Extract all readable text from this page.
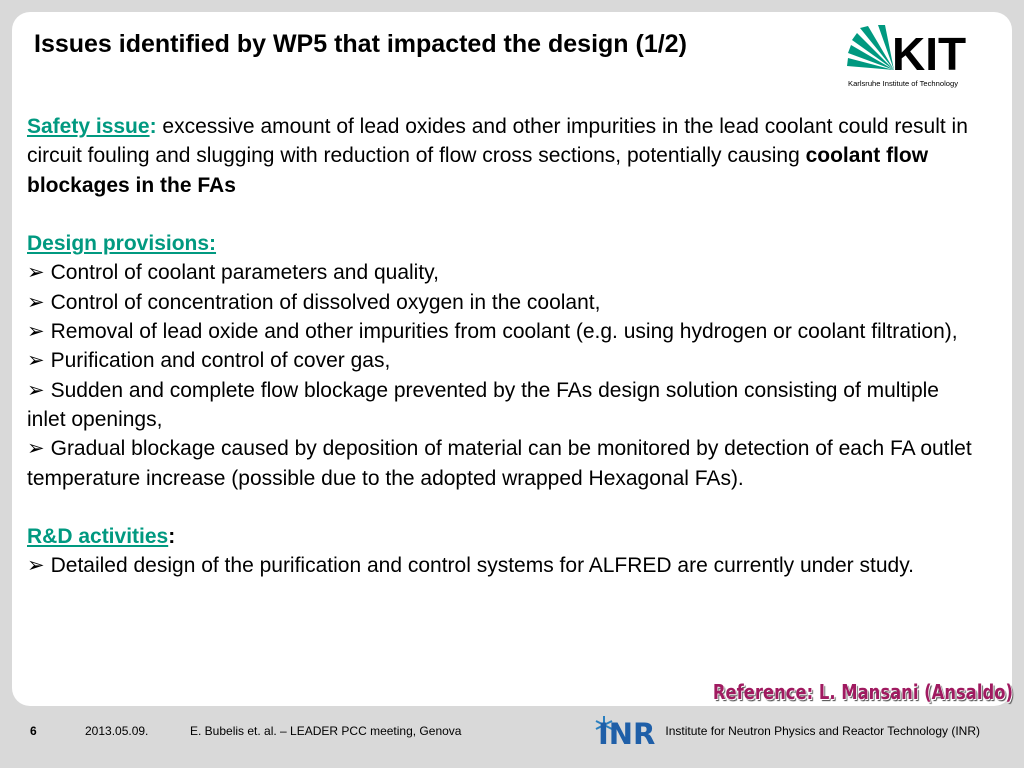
Issues identified by WP5 that impacted the design (1/2)	KIT
Karlsruhe Institute of Technology

Safety issue: excessive amount of lead oxides and other impurities in the lead coolant could result in circuit fouling and slugging with reduction of flow cross sections, potentially causing coolant flow blockages in the FAs

Design provisions:

➢ Control of coolant parameters and quality,

➢ Control of concentration of dissolved oxygen in the coolant,

➢ Removal of lead oxide and other impurities from coolant (e.g. using hydrogen or coolant filtration),

➢ Purification and control of cover gas,

➢ Sudden and complete flow blockage prevented by the FAs design solution consisting of multiple inlet openings,

➢ Gradual blockage caused by deposition of material can be monitored by detection of each FA outlet temperature increase (possible due to the adopted wrapped Hexagonal FAs).

R&D activities:

➢ Detailed design of the purification and control systems for ALFRED are currently under study.

Reference: L. Mansani (Ansaldo)
6	2013.05.09.	E. Bubelis et. al. – LEADER PCC meeting, Genova	INR Institute for Neutron Physics and Reactor Technology (INR)
